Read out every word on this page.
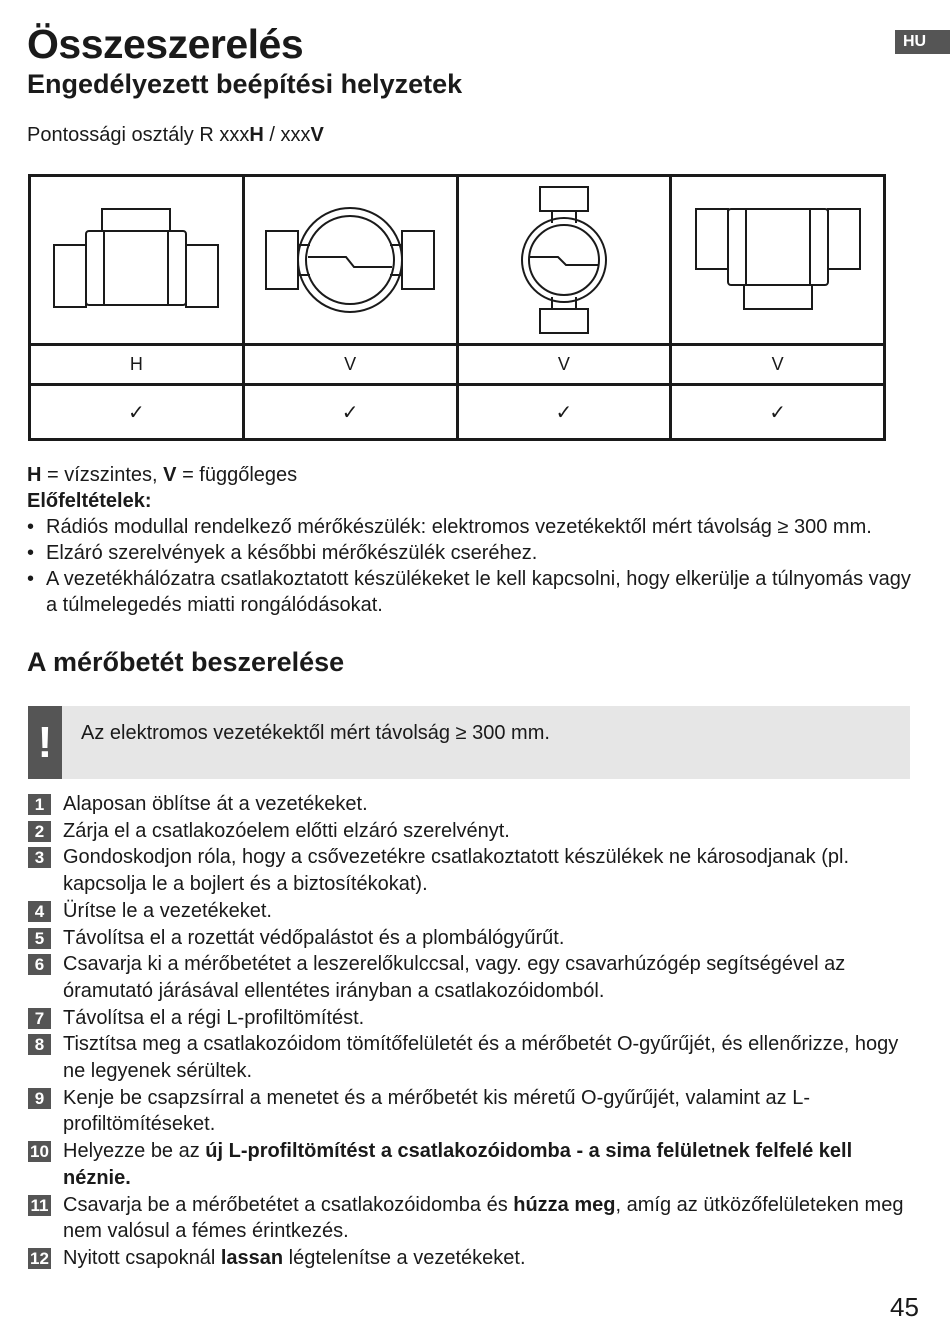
Összeszerelés	HU
Engedélyezett beépítési helyzetek
Pontossági osztály R xxxH / xxxV

H	V	V	V
✓	✓	✓	✓
H = vízszintes, V = függőleges
Előfeltételek:
• Rádiós modullal rendelkező mérőkészülék: elektromos vezetékektől mért távolság ≥ 300 mm.
• Elzáró szerelvények a későbbi mérőkészülék cseréhez.
• A vezetékhálózatra csatlakoztatott készülékeket le kell kapcsolni, hogy elkerülje a túlnyomás vagy a túlmelegedés miatti rongálódásokat.
A mérőbetét beszerelése
!	Az elektromos vezetékektől mért távolság ≥ 300 mm.
1 Alaposan öblítse át a vezetékeket.
2 Zárja el a csatlakozóelem előtti elzáró szerelvényt.
3 Gondoskodjon róla, hogy a csővezetékre csatlakoztatott készülékek ne károsodjanak (pl. kapcsolja le a bojlert és a biztosítékokat).
4 Ürítse le a vezetékeket.
5 Távolítsa el a rozettát védőpalástot és a plombálógyűrűt.
6 Csavarja ki a mérőbetétet a leszerelőkulccsal, vagy. egy csavarhúzógép segítségével az óramutató járásával ellentétes irányban a csatlakozóidomból.
7 Távolítsa el a régi L-profiltömítést.
8 Tisztítsa meg a csatlakozóidom tömítőfelületét és a mérőbetét O-gyűrűjét, és ellenőrizze, hogy ne legyenek sérültek.
9 Kenje be csapzsírral a menetet és a mérőbetét kis méretű O-gyűrűjét, valamint az L-profiltömítéseket.
10 Helyezze be az új L-profiltömítést a csatlakozóidomba - a sima felületnek felfelé kell néznie.
11 Csavarja be a mérőbetétet a csatlakozóidomba és húzza meg, amíg az ütközőfelületeken meg nem valósul a fémes érintkezés.
12 Nyitott csapoknál lassan légtelenítse a vezetékeket.
45
